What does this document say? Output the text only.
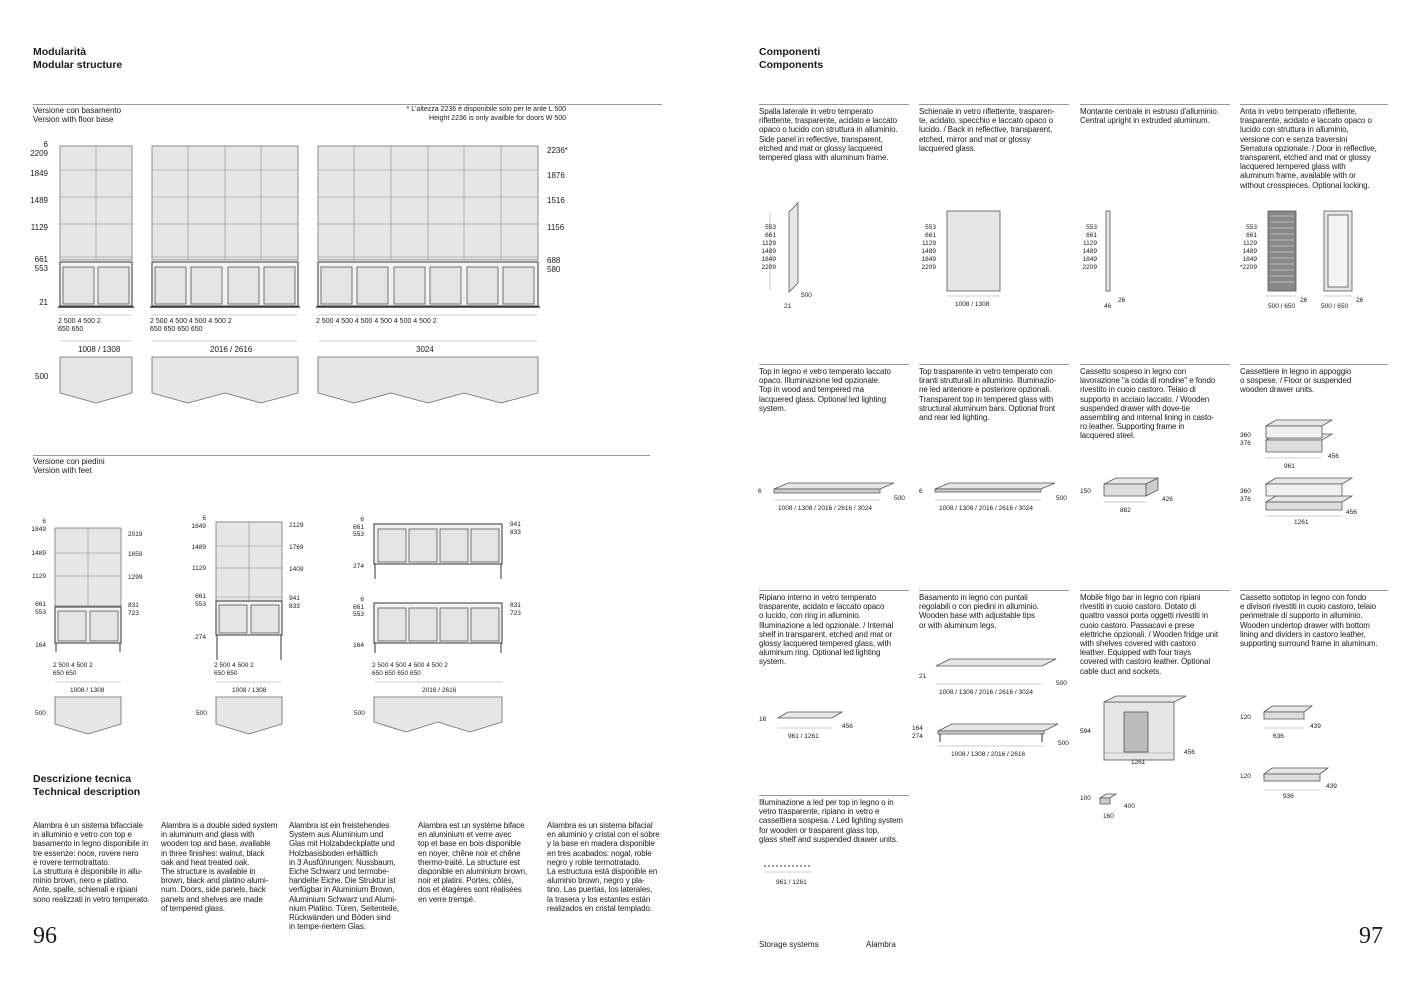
Modularità
Modular structure
Versione con basamento
Version with floor base
* L'altezza 2236 è disponibile solo per le ante L 500
Height 2236 is only availble for doors W 500
6
2209
1849
1489
1129
661
553
21
2236*
1876
1516
1156
688
580
2 500 4 500 2
650 650
2 500 4 500 4 500 4 500 2
650 650 650 650
2 500 4 500 4 500 4 500 4 500 4 500 2
1008 / 1308	2016 / 2616	3024
500
Versione con piedini
Version with feet
6
1849
1489
1129
661
553
164
2019
1659
1299
831
723
6
1849
1489
1129
661
553
274
2129
1769
1409
941
833
6
661
553
274
941
833
6
661
553
164
831
723
2 500 4 500 2
650 650
2 500 4 500 2
650 650
2 500 4 500 4 500 4 500 2
650 650 650 650
1008 / 1308	1008 / 1308	2016 / 2616
500	500	500
Descrizione tecnica
Technical description
Alambra è un sistema bifacciale
in alluminio e vetro con top e
basamento in legno disponibile in
tre essenze: noce, rovere nero
e rovere termotrattato.
La struttura è disponibile in allu-
minio brown, nero e platino.
Ante, spalle, schienali e ripiani
sono realizzati in vetro temperato.
Alambra is a double sided system
in aluminum and glass with
wooden top and base, available
in three finishes: walnut, black
oak and heat treated oak.
The structure is available in
brown, black and platino alumi-
num. Doors, side panels, back
panels and shelves are made
of tempered glass.
Alambra ist ein freistehendes
System aus Aluminium und
Glas mit Holzabdeckplatte und
Holzbasisboden erhältlich
in 3 Ausführungen: Nussbaum,
Eiche Schwarz und termobe-
handelte Eiche. Die Struktur ist
verfügbar in Aluminium Brown,
Aluminium Schwarz und Alumi-
nium Platino. Türen, Seitenteile,
Rückwänden und Böden sind
in tempe-riertem Glas.
Alambra est un système biface
en aluminium et verre avec
top et base en bois disponible
en noyer, chêne noir et chêne
thermo-traité. La structure est
disponible en aluminium brown,
noir et platini. Portes, côtés,
dos et étagères sont réalisées
en verre trempé.
Alambra es un sistema bifacial
en aluminio y cristal con el sobre
y la base en madera disponible
en tres acabados: nogal, roble
negro y roble termotratado.
La estructura está disponible en
aluminio brown, negro y pla-
tino. Las puertas, los laterales,
la trasera y los estantes están
realizados en cristal templado.
96
Componenti
Components
Spalla laterale in vetro temperato
riflettente, trasparente, acidato e laccato
opaco o lucido con struttura in alluminio.
Side panel in reflective, transparent,
etched and mat or glossy lacquered
tempered glass with aluminum frame.
Schienale in vetro riflettente, trasparen-
te, acidato, specchio e laccato opaco o
lucido. / Back in reflective, transparent,
etched, mirror and mat or glossy
lacquered glass.
Montante centrale in estruso d'alluminio.
Central upright in extruded aluminum.
Anta in vetro temperato riflettente,
trasparente, acidato e laccato opaco o
lucido con struttura in alluminio,
versione con e senza traversini
Serratura opzionale. / Door in reflective,
transparent, etched and mat or glossy
lacquered tempered glass with
aluminum frame, available with or
without crosspieces. Optional locking.
Top in legno e vetro temperato laccato
opaco. Illuminazione led opzionale.
Top in wood and tempered ma
lacquered glass. Optional led lighting
system.
Top trasparente in vetro temperato con
tiranti strutturali in alluminio. Illuminazio-
ne led anteriore e posteriore opzionali.
Transparent top in tempered glass with
structural aluminum bars. Optional front
and rear led lighting.
Cassetto sospeso in legno con
lavorazione "a coda di rondine" e fondo
rivestito in cuoio castoro. Telaio di
supporto in acciaio laccato. / Wooden
suspended drawer with dove-tie
assembling and internal lining in casto-
ro leather. Supporting frame in
lacquered steel.
Cassettiere in legno in appoggio
o sospese. / Floor or suspended
wooden drawer units.
Ripiano interno in vetro temperato
trasparente, acidato e laccato opaco
o lucido, con ring in alluminio.
Illuminazione a led opzionale. / Internal
shelf in transparent, etched and mat or
glossy lacquered tempered glass, with
aluminum ring. Optional led lighting
system.
Basamento in legno con puntali
regolabili o con piedini in alluminio.
Wooden base with adjustable tips
or with aluminum legs.
Mobile frigo bar in legno con ripiani
rivestiti in cuoio castoro. Dotato di
quattro vassoi porta oggetti rivestiti in
cuoio castoro. Passacavi e prese
elettriche opzionali. / Wooden fridge unit
with shelves covered with castoro
leather. Equipped with four trays
covered with castoro leather. Optional
cable duct and sockets.
Cassetto sottotop in legno con fondo
e divisori rivestiti in cuoio castoro, telaio
perimetrale di supporto in alluminio.
Wooden undertop drawer with bottom
lining and dividers in castoro leather,
supporting surround frame in aluminum.
Illuminazione a led per top in legno o in
vetro trasparente, ripiano in vetro e
cassettiera sospesa. / Led lighting system
for wooden or trasparent glass top,
glass shelf and suspended drawer units.
553
661
1129
1489
1849
2209
500
21
553
661
1129
1489
1849
2209
1008 / 1308
553
661
1129
1489
1849
2209
26
46
553
661
1129
1489
1849
*2209
500 / 650
26
500 / 650
26
6
500
1008 / 1308 / 2016 / 2616 / 3024
6
500
1008 / 1308 / 2016 / 2616 / 3024
150
426
882
360
376
961
456
360
376
1261
456
16
961 / 1261
456
21
500
1008 / 1308 / 2016 / 2616 / 3024
164
274
500
1008 / 1308 / 2016 / 2616
594
1261
456
100
160
400
961 / 1261
120
636
439
120
936
439
Storage systems	Alambra	97
